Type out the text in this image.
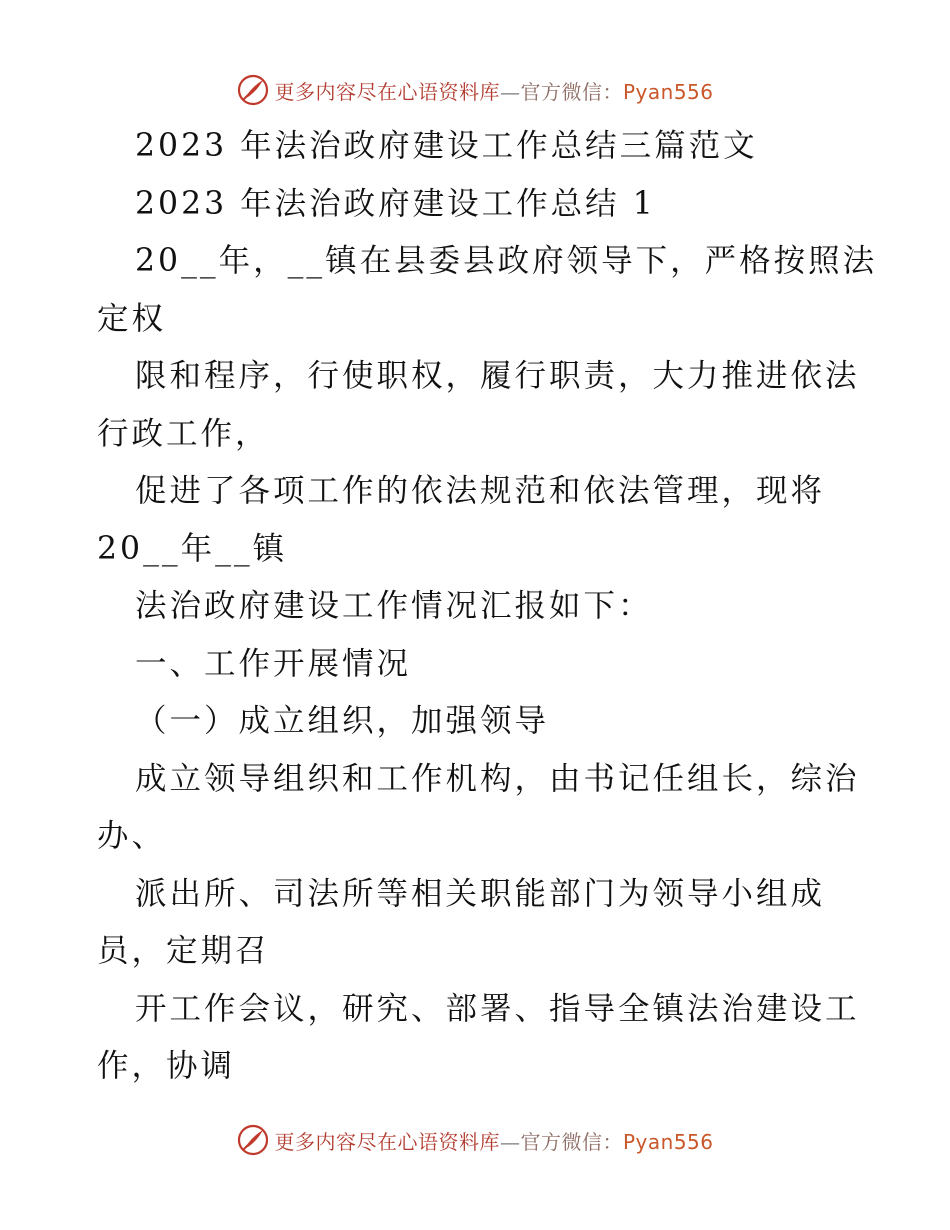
更多内容尽在心语资料库—官方微信：Pyan556
2023 年法治政府建设工作总结三篇范文
2023 年法治政府建设工作总结 1
20__年，__镇在县委县政府领导下，严格按照法
定权
限和程序，行使职权，履行职责，大力推进依法
行政工作，
促进了各项工作的依法规范和依法管理，现将
20__年__镇
法治政府建设工作情况汇报如下：
一、工作开展情况
（一）成立组织，加强领导
成立领导组织和工作机构，由书记任组长，综治
办、
派出所、司法所等相关职能部门为领导小组成
员，定期召
开工作会议，研究、部署、指导全镇法治建设工
作，协调
更多内容尽在心语资料库—官方微信：Pyan556
